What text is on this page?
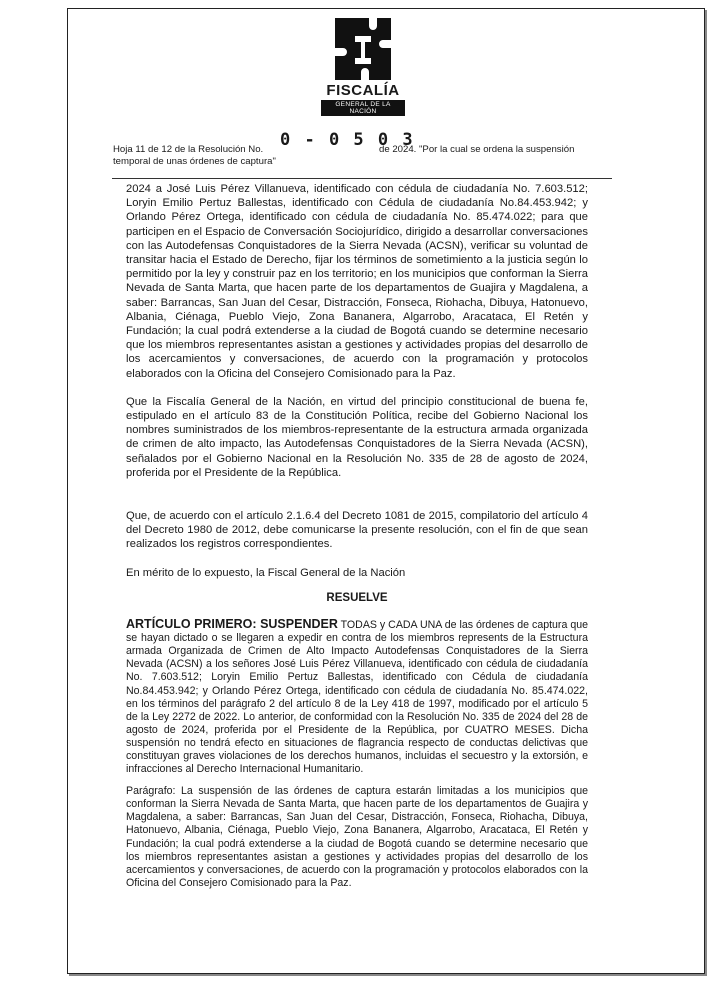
FISCALÍA
GENERAL DE LA NACIÓN
0 - 0 5 0 3
Hoja 11 de 12 de la Resolución No.	de 2024. "Por la cual se ordena la suspensión
temporal de unas órdenes de captura"

2024 a José Luis Pérez Villanueva, identificado con cédula de ciudadanía No. 7.603.512; Loryin Emilio Pertuz Ballestas, identificado con Cédula de ciudadanía No.84.453.942; y Orlando Pérez Ortega, identificado con cédula de ciudadanía No. 85.474.022; para que participen en el Espacio de Conversación Sociojurídico, dirigido a desarrollar conversaciones con las Autodefensas Conquistadores de la Sierra Nevada (ACSN), verificar su voluntad de transitar hacia el Estado de Derecho, fijar los términos de sometimiento a la justicia según lo permitido por la ley y construir paz en los territorio; en los municipios que conforman la Sierra Nevada de Santa Marta, que hacen parte de los departamentos de Guajira y Magdalena, a saber: Barrancas, San Juan del Cesar, Distracción, Fonseca, Riohacha, Dibuya, Hatonuevo, Albania, Ciénaga, Pueblo Viejo, Zona Bananera, Algarrobo, Aracataca, El Retén y Fundación; la cual podrá extenderse a la ciudad de Bogotá cuando se determine necesario que los miembros representantes asistan a gestiones y actividades propias del desarrollo de los acercamientos y conversaciones, de acuerdo con la programación y protocolos elaborados con la Oficina del Consejero Comisionado para la Paz.

Que la Fiscalía General de la Nación, en virtud del principio constitucional de buena fe, estipulado en el artículo 83 de la Constitución Política, recibe del Gobierno Nacional los nombres suministrados de los miembros-representante de la estructura armada organizada de crimen de alto impacto, las Autodefensas Conquistadores de la Sierra Nevada (ACSN), señalados por el Gobierno Nacional en la Resolución No. 335 de 28 de agosto de 2024, proferida por el Presidente de la República.

Que, de acuerdo con el artículo 2.1.6.4 del Decreto 1081 de 2015, compilatorio del artículo 4 del Decreto 1980 de 2012, debe comunicarse la presente resolución, con el fin de que sean realizados los registros correspondientes.

En mérito de lo expuesto, la Fiscal General de la Nación

RESUELVE

ARTÍCULO PRIMERO: SUSPENDER TODAS y CADA UNA de las órdenes de captura que se hayan dictado o se llegaren a expedir en contra de los miembros represents de la Estructura armada Organizada de Crimen de Alto Impacto Autodefensas Conquistadores de la Sierra Nevada (ACSN) a los señores José Luis Pérez Villanueva, identificado con cédula de ciudadanía No. 7.603.512; Loryin Emilio Pertuz Ballestas, identificado con Cédula de ciudadanía No.84.453.942; y Orlando Pérez Ortega, identificado con cédula de ciudadanía No. 85.474.022, en los términos del parágrafo 2 del artículo 8 de la Ley 418 de 1997, modificado por el artículo 5 de la Ley 2272 de 2022. Lo anterior, de conformidad con la Resolución No. 335 de 2024 del 28 de agosto de 2024, proferida por el Presidente de la República, por CUATRO MESES. Dicha suspensión no tendrá efecto en situaciones de flagrancia respecto de conductas delictivas que constituyan graves violaciones de los derechos humanos, incluidas el secuestro y la extorsión, e infracciones al Derecho Internacional Humanitario.

Parágrafo: La suspensión de las órdenes de captura estarán limitadas a los municipios que conforman la Sierra Nevada de Santa Marta, que hacen parte de los departamentos de Guajira y Magdalena, a saber: Barrancas, San Juan del Cesar, Distracción, Fonseca, Riohacha, Dibuya, Hatonuevo, Albania, Ciénaga, Pueblo Viejo, Zona Bananera, Algarrobo, Aracataca, El Retén y Fundación; la cual podrá extenderse a la ciudad de Bogotá cuando se determine necesario que los miembros representantes asistan a gestiones y actividades propias del desarrollo de los acercamientos y conversaciones, de acuerdo con la programación y protocolos elaborados con la Oficina del Consejero Comisionado para la Paz.
